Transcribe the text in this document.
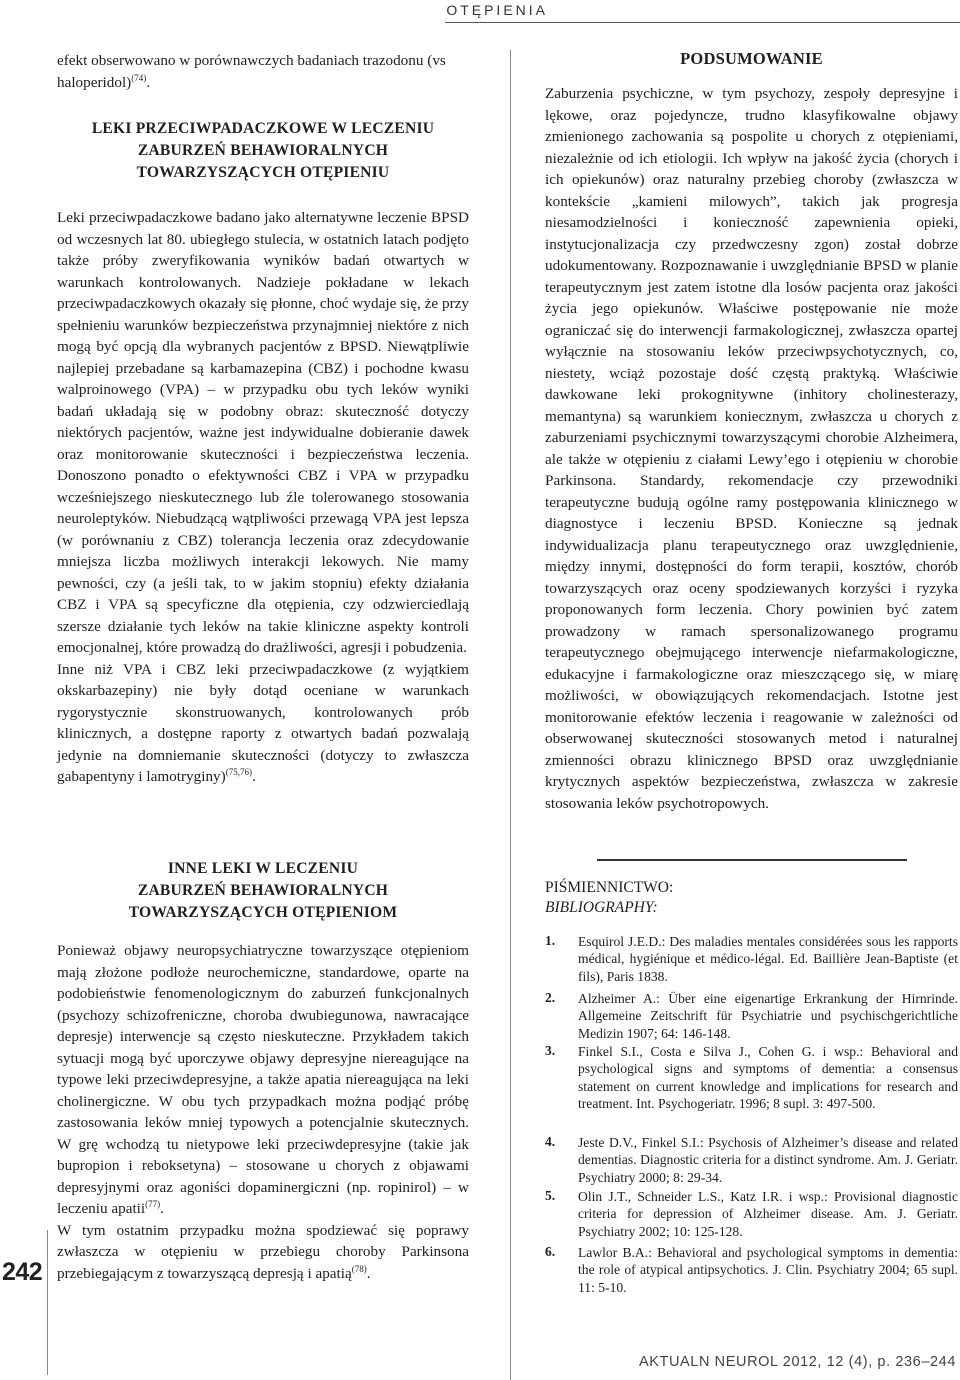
OTĘPIENIA

efekt obserwowano w porównawczych badaniach trazodonu (vs haloperidol)$^{(74)}$.

LEKI PRZECIWPADACZKOWE W LECZENIU

ZABURZEŃ BEHAWIORALNYCH

TOWARZYSZĄCYCH OTĘPIENIU

Leki przeciwpadaczkowe badano jako alternatywne leczenie BPSD od wczesnych lat 80. ubiegłego stulecia, w ostatnich latach podjęto także próby zweryfikowania wyników badań otwartych w warunkach kontrolowanych. Nadzieje pokładane w lekach przeciwpadaczkowych okazały się płonne, choć wydaje się, że przy spełnieniu warunków bezpieczeństwa przynajmniej niektóre z nich mogą być opcją dla wybranych pacjentów z BPSD. Niewątpliwie najlepiej przebadane są karbamazepina (CBZ) i pochodne kwasu walproinowego (VPA) – w przypadku obu tych leków wyniki badań układają się w podobny obraz: skuteczność dotyczy niektórych pacjentów, ważne jest indywidualne dobieranie dawek oraz monitorowanie skuteczności i bezpieczeństwa leczenia. Donoszono ponadto o efektywności CBZ i VPA w przypadku wcześniejszego nieskutecznego lub źle tolerowanego stosowania neuroleptyków. Niebudzącą wątpliwości przewagą VPA jest lepsza (w porównaniu z CBZ) tolerancja leczenia oraz zdecydowanie mniejsza liczba możliwych interakcji lekowych. Nie mamy pewności, czy (a jeśli tak, to w jakim stopniu) efekty działania CBZ i VPA są specyficzne dla otępienia, czy odzwierciedlają szersze działanie tych leków na takie kliniczne aspekty kontroli emocjonalnej, które prowadzą do drażliwości, agresji i pobudzenia.

Inne niż VPA i CBZ leki przeciwpadaczkowe (z wyjątkiem okskarbazepiny) nie były dotąd oceniane w warunkach rygorystycznie skonstruowanych, kontrolowanych prób klinicznych, a dostępne raporty z otwartych badań pozwalają jedynie na domniemanie skuteczności (dotyczy to zwłaszcza gabapentyny i lamotryginy)$^{(75,76)}$.

INNE LEKI W LECZENIU

ZABURZEŃ BEHAWIORALNYCH

TOWARZYSZĄCYCH OTĘPIENIOM

Ponieważ objawy neuropsychiatryczne towarzyszące otępieniom mają złożone podłoże neurochemiczne, standardowe, oparte na podobieństwie fenomenologicznym do zaburzeń funkcjonalnych (psychozy schizofreniczne, choroba dwubiegunowa, nawracające depresje) interwencje są często nieskuteczne. Przykładem takich sytuacji mogą być uporczywe objawy depresyjne niereagujące na typowe leki przeciwdepresyjne, a także apatia niereagująca na leki cholinergiczne. W obu tych przypadkach można podjąć próbę zastosowania leków mniej typowych a potencjalnie skutecznych. W grę wchodzą tu nietypowe leki przeciwdepresyjne (takie jak bupropion i reboksetyna) – stosowane u chorych z objawami depresyjnymi oraz agoniści dopaminergiczni (np. ropinirol) – w leczeniu apatii$^{(77)}$.

W tym ostatnim przypadku można spodziewać się poprawy zwłaszcza w otępieniu w przebiegu choroby Parkinsona przebiegającym z towarzyszącą depresją i apatią$^{(78)}$.

242

PODSUMOWANIE

Zaburzenia psychiczne, w tym psychozy, zespoły depresyjne i lękowe, oraz pojedyncze, trudno klasyfikowalne objawy zmienionego zachowania są pospolite u chorych z otępieniami, niezależnie od ich etiologii. Ich wpływ na jakość życia (chorych i ich opiekunów) oraz naturalny przebieg choroby (zwłaszcza w kontekście „kamieni milowych”, takich jak progresja niesamodzielności i konieczność zapewnienia opieki, instytucjonalizacja czy przedwczesny zgon) został dobrze udokumentowany. Rozpoznawanie i uwzględnianie BPSD w planie terapeutycznym jest zatem istotne dla losów pacjenta oraz jakości życia jego opiekunów. Właściwe postępowanie nie może ograniczać się do interwencji farmakologicznej, zwłaszcza opartej wyłącznie na stosowaniu leków przeciwpsychotycznych, co, niestety, wciąż pozostaje dość częstą praktyką. Właściwie dawkowane leki prokognitywne (inhitory cholinesterazy, memantyna) są warunkiem koniecznym, zwłaszcza u chorych z zaburzeniami psychicznymi towarzyszącymi chorobie Alzheimera, ale także w otępieniu z ciałami Lewy’ego i otępieniu w chorobie Parkinsona. Standardy, rekomendacje czy przewodniki terapeutyczne budują ogólne ramy postępowania klinicznego w diagnostyce i leczeniu BPSD. Konieczne są jednak indywidualizacja planu terapeutycznego oraz uwzględnienie, między innymi, dostępności do form terapii, kosztów, chorób towarzyszących oraz oceny spodziewanych korzyści i ryzyka proponowanych form leczenia. Chory powinien być zatem prowadzony w ramach spersonalizowanego programu terapeutycznego obejmującego interwencje niefarmakologiczne, edukacyjne i farmakologiczne oraz mieszczącego się, w miarę możliwości, w obowiązujących rekomendacjach. Istotne jest monitorowanie efektów leczenia i reagowanie w zależności od obserwowanej skuteczności stosowanych metod i naturalnej zmienności obrazu klinicznego BPSD oraz uwzględnianie krytycznych aspektów bezpieczeństwa, zwłaszcza w zakresie stosowania leków psychotropowych.

PIŚMIENNICTWO:
BIBLIOGRAPHY:
1. Esquirol J.E.D.: Des maladies mentales considérées sous les rapports médical, hygiénique et médico-légal. Ed. Baillière Jean-Baptiste (et fils), Paris 1838.
2. Alzheimer A.: Über eine eigenartige Erkrankung der Hirnrinde. Allgemeine Zeitschrift für Psychiatrie und psychischgerichtliche Medizin 1907; 64: 146-148.
3. Finkel S.I., Costa e Silva J., Cohen G. i wsp.: Behavioral and psychological signs and symptoms of dementia: a consensus statement on current knowledge and implications for research and treatment. Int. Psychogeriatr. 1996; 8 supl. 3: 497-500.
4. Jeste D.V., Finkel S.I.: Psychosis of Alzheimer’s disease and related dementias. Diagnostic criteria for a distinct syndrome. Am. J. Geriatr. Psychiatry 2000; 8: 29-34.
5. Olin J.T., Schneider L.S., Katz I.R. i wsp.: Provisional diagnostic criteria for depression of Alzheimer disease. Am. J. Geriatr. Psychiatry 2002; 10: 125-128.
6. Lawlor B.A.: Behavioral and psychological symptoms in dementia: the role of atypical antipsychotics. J. Clin. Psychiatry 2004; 65 supl. 11: 5-10.
AKTUALN NEUROL 2012, 12 (4), p. 236–244
